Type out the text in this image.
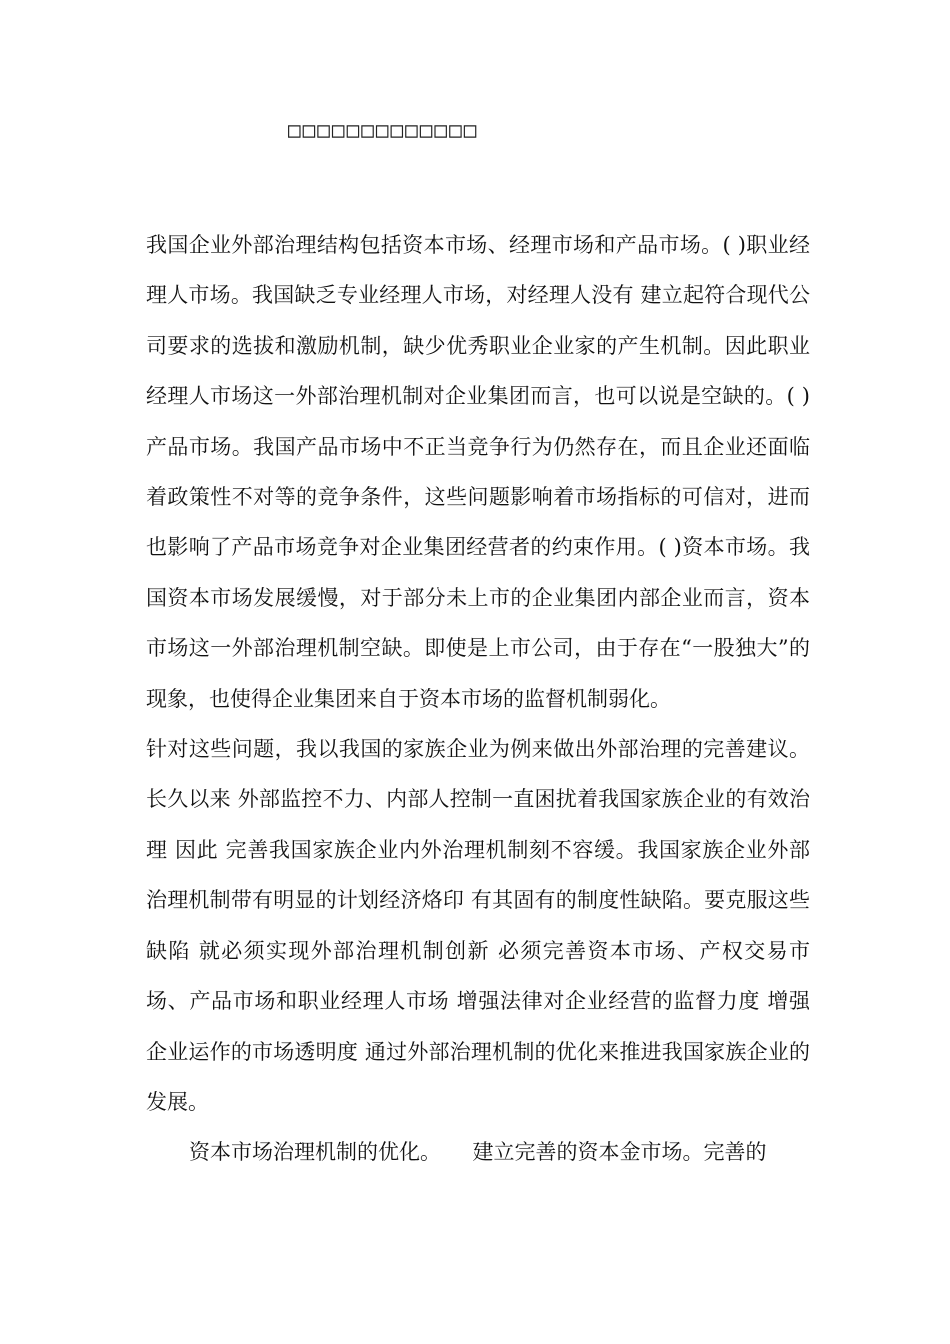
□□□□□□□□□□□□□

我国企业外部治理结构包括资本市场、经理市场和产品市场。( )职业经理人市场。我国缺乏专业经理人市场，对经理人没有 建立起符合现代公司要求的选拔和激励机制，缺少优秀职业企业家的产生机制。因此职业经理人市场这一外部治理机制对企业集团而言，也可以说是空缺的。( ) 产品市场。我国产品市场中不正当竞争行为仍然存在，而且企业还面临着政策性不对等的竞争条件，这些问题影响着市场指标的可信对，进而也影响了产品市场竞争对企业集团经营者的约束作用。( )资本市场。我国资本市场发展缓慢，对于部分未上市的企业集团内部企业而言，资本市场这一外部治理机制空缺。即使是上市公司，由于存在“一股独大”的现象，也使得企业集团来自于资本市场的监督机制弱化。

针对这些问题，我以我国的家族企业为例来做出外部治理的完善建议。长久以来 外部监控不力、内部人控制一直困扰着我国家族企业的有效治理 因此 完善我国家族企业内外治理机制刻不容缓。我国家族企业外部治理机制带有明显的计划经济烙印 有其固有的制度性缺陷。要克服这些缺陷 就必须实现外部治理机制创新 必须完善资本市场、产权交易市场、产品市场和职业经理人市场 增强法律对企业经营的监督力度 增强企业运作的市场透明度 通过外部治理机制的优化来推进我国家族企业的发展。

资本市场治理机制的优化。　　建立完善的资本金市场。完善的
